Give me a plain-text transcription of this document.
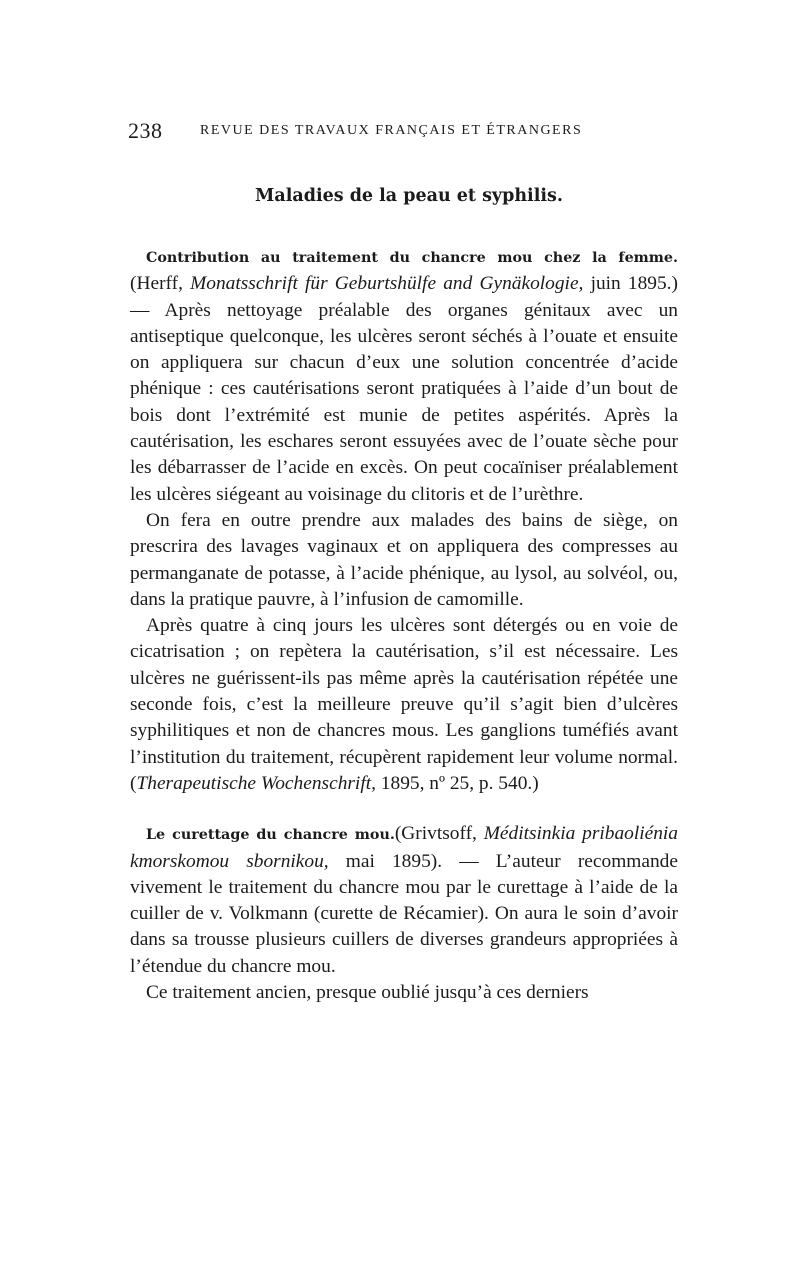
238	REVUE DES TRAVAUX FRANÇAIS ET ÉTRANGERS
Maladies de la peau et syphilis.

Contribution au traitement du chancre mou chez la femme. (Herff, Monatsschrift für Geburtshülfe and Gynäkologie, juin 1895.) — Après nettoyage préalable des organes génitaux avec un antiseptique quelconque, les ulcères seront séchés à l’ouate et ensuite on appliquera sur chacun d’eux une solution concentrée d’acide phénique : ces cautérisations seront pratiquées à l’aide d’un bout de bois dont l’extrémité est munie de petites aspérités. Après la cautérisation, les eschares seront essuyées avec de l’ouate sèche pour les débarrasser de l’acide en excès. On peut cocaïniser préalablement les ulcères siégeant au voisinage du clitoris et de l’urèthre.

On fera en outre prendre aux malades des bains de siège, on prescrira des lavages vaginaux et on appliquera des compresses au permanganate de potasse, à l’acide phénique, au lysol, au solvéol, ou, dans la pratique pauvre, à l’infusion de camomille.

Après quatre à cinq jours les ulcères sont détergés ou en voie de cicatrisation ; on repètera la cautérisation, s’il est nécessaire. Les ulcères ne guérissent-ils pas même après la cautérisation répétée une seconde fois, c’est la meilleure preuve qu’il s’agit bien d’ulcères syphilitiques et non de chancres mous. Les ganglions tuméfiés avant l’institution du traitement, récupèrent rapidement leur volume normal. (Therapeutische Wochenschrift, 1895, nº 25, p. 540.)

Le curettage du chancre mou.(Grivtsoff, Méditsinkia pribaoliénia kmorskomou sbornikou, mai 1895). — L’auteur recommande vivement le traitement du chancre mou par le curettage à l’aide de la cuiller de v. Volkmann (curette de Récamier). On aura le soin d’avoir dans sa trousse plusieurs cuillers de diverses grandeurs appropriées à l’étendue du chancre mou.

Ce traitement ancien, presque oublié jusqu’à ces derniers
